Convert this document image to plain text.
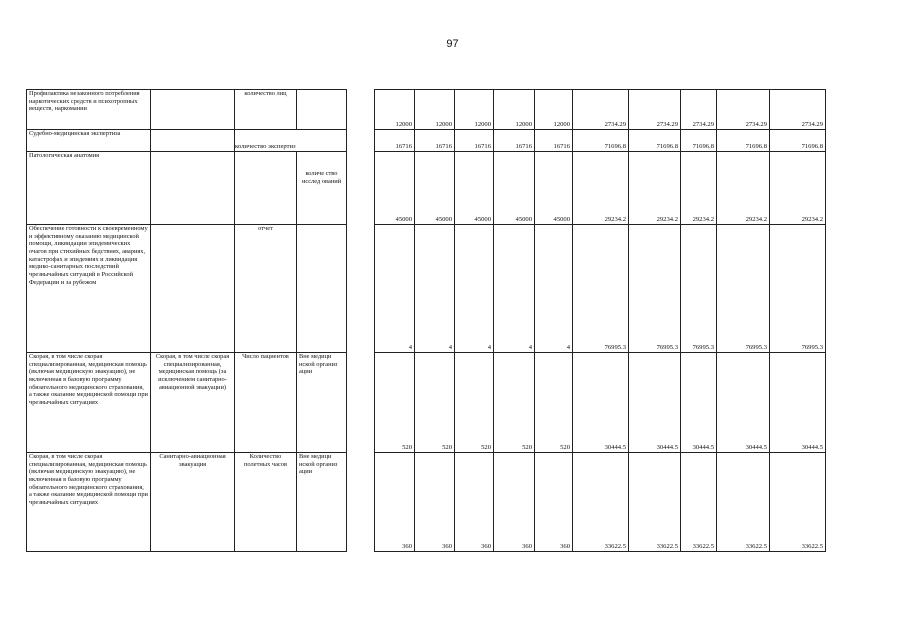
97
Профилактика незаконного потребления наркотических средств и психотропных веществ, наркомании		количество лиц			12000	12000	12000	12000	12000	2734.29	2734.29	2734.29	2734.29	2734.29
Судебно-медицинская экспертиза		количество экспертиз			16716	16716	16716	16716	16716	71696.8	71696.8	71696.8	71696.8	71696.8
Патологическая анатомия			количе ство исслед ований		45000	45000	45000	45000	45000	29234.2	29234.2	29234.2	29234.2	29234.2
Обеспечение готовности к своевременному и эффективному оказанию медицинской помощи, ликвидации эпидемических очагов при стихийных бедствиях, авариях, катастрофах и эпидемиях и ликвидация медико-санитарных последствий чрезвычайных ситуаций в Российской Федерации и за рубежом		отчет			4	4	4	4	4	76995.3	76995.3	76995.3	76995.3	76995.3
Скорая, в том числе скорая специализированная, медицинская помощь (включая медицинскую эвакуацию), не включенная в базовую программу обязательного медицинского страхования, а также оказание медицинской помощи при чрезвычайных ситуациях	Скорая, в том числе скорая специализированная, медицинская помощь (за исключением санитарно-авиационной эвакуации)	Число пациентов	Вне медици нской организ ации		520	520	520	520	520	30444.5	30444.5	30444.5	30444.5	30444.5
Скорая, в том числе скорая специализированная, медицинская помощь (включая медицинскую эвакуацию), не включенная в базовую программу обязательного медицинского страхования, а также оказание медицинской помощи при чрезвычайных ситуациях	Санитарно-авиационная эвакуация	Количество полетных часов	Вне медици нской организ ации		360	360	360	360	360	33622.5	33622.5	33622.5	33622.5	33622.5
